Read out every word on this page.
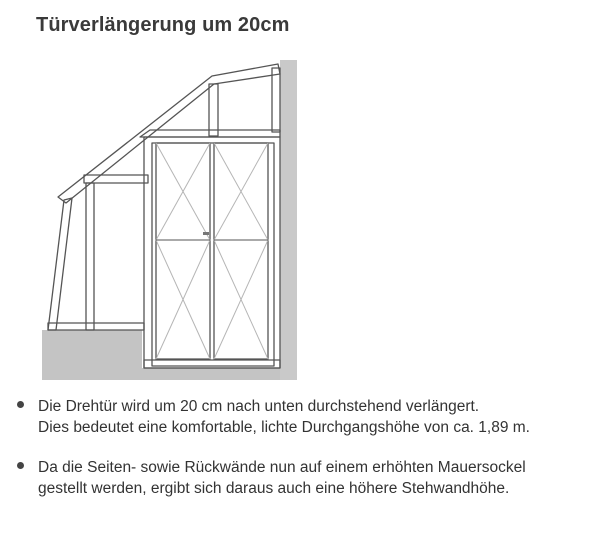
Türverlängerung um 20cm
Die Drehtür wird um 20 cm nach unten durchstehend verlängert.
Dies bedeutet eine komfortable, lichte Durchgangshöhe von ca. 1,89 m.
Da die Seiten- sowie Rückwände nun auf einem erhöhten Mauersockel
gestellt werden, ergibt sich daraus auch eine höhere Stehwandhöhe.
